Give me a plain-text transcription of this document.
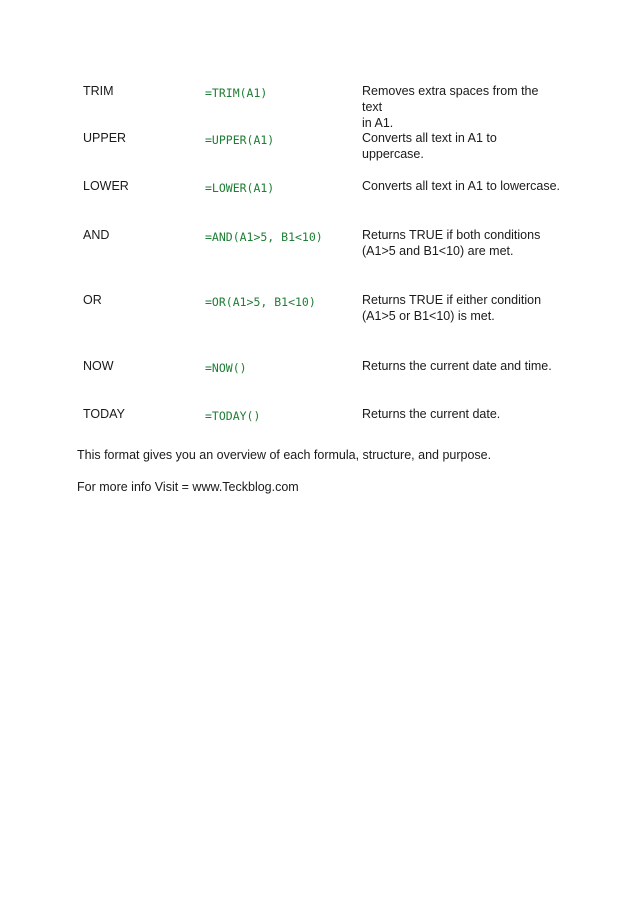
TRIM	=TRIM(A1)	Removes extra spaces from the text
in A1.
UPPER	=UPPER(A1)	Converts all text in A1 to uppercase.
LOWER	=LOWER(A1)	Converts all text in A1 to lowercase.
AND	=AND(A1>5, B1<10)	Returns TRUE if both conditions
(A1>5 and B1<10) are met.
OR	=OR(A1>5, B1<10)	Returns TRUE if either condition
(A1>5 or B1<10) is met.
NOW	=NOW()	Returns the current date and time.
TODAY	=TODAY()	Returns the current date.
This format gives you an overview of each formula, structure, and purpose.
For more info Visit = www.Teckblog.com
